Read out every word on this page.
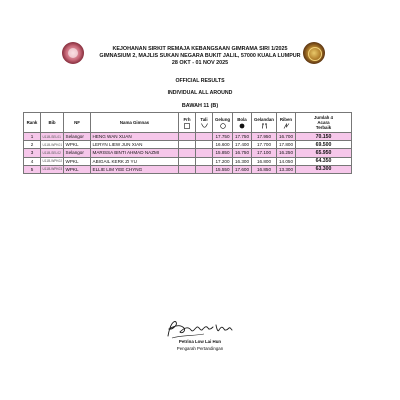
KEJOHANAN SIRKIT REMAJA KEBANGSAAN GIMRAMA SIRI 1/2025
GIMNASIUM 2, MAJLIS SUKAN NEGARA BUKIT JALIL, 57000 KUALA LUMPUR
28 OKT - 01 NOV 2025
OFFICIAL RESULTS
INDIVIDUAL ALL AROUND
BAWAH 11 (B)
Rank	Bib	NF	Nama Gimnas	Frh	Tali	Gelung	Bola	Gelandan	Riben	Jumlah 4
Acara
Terbaik

1	U11B-SEL01	Selangor	HENG WAN XUAN			17.750	17.750	17.950	16.700	70.150
2	U11B-WPK01	WPKL	LERYN LIEW JUN XIAN			16.600	17.400	17.700	17.800	69.500
3	U11B-SEL02	Selangor	MARISSA BINTI AHMAD NAZMI			15.850	16.750	17.100	16.250	65.950
4	U11B-WPK02	WPKL	ABIGAIL KERK ZI YU			17.200	16.300	16.800	14.050	64.350
5	U11B-WPK03	WPKL	ELLIE LIM YEE CHYNG			15.550	17.600	16.850	13.300	63.300
Petrina Low Lai Hun
Pengarah Pertandingan
